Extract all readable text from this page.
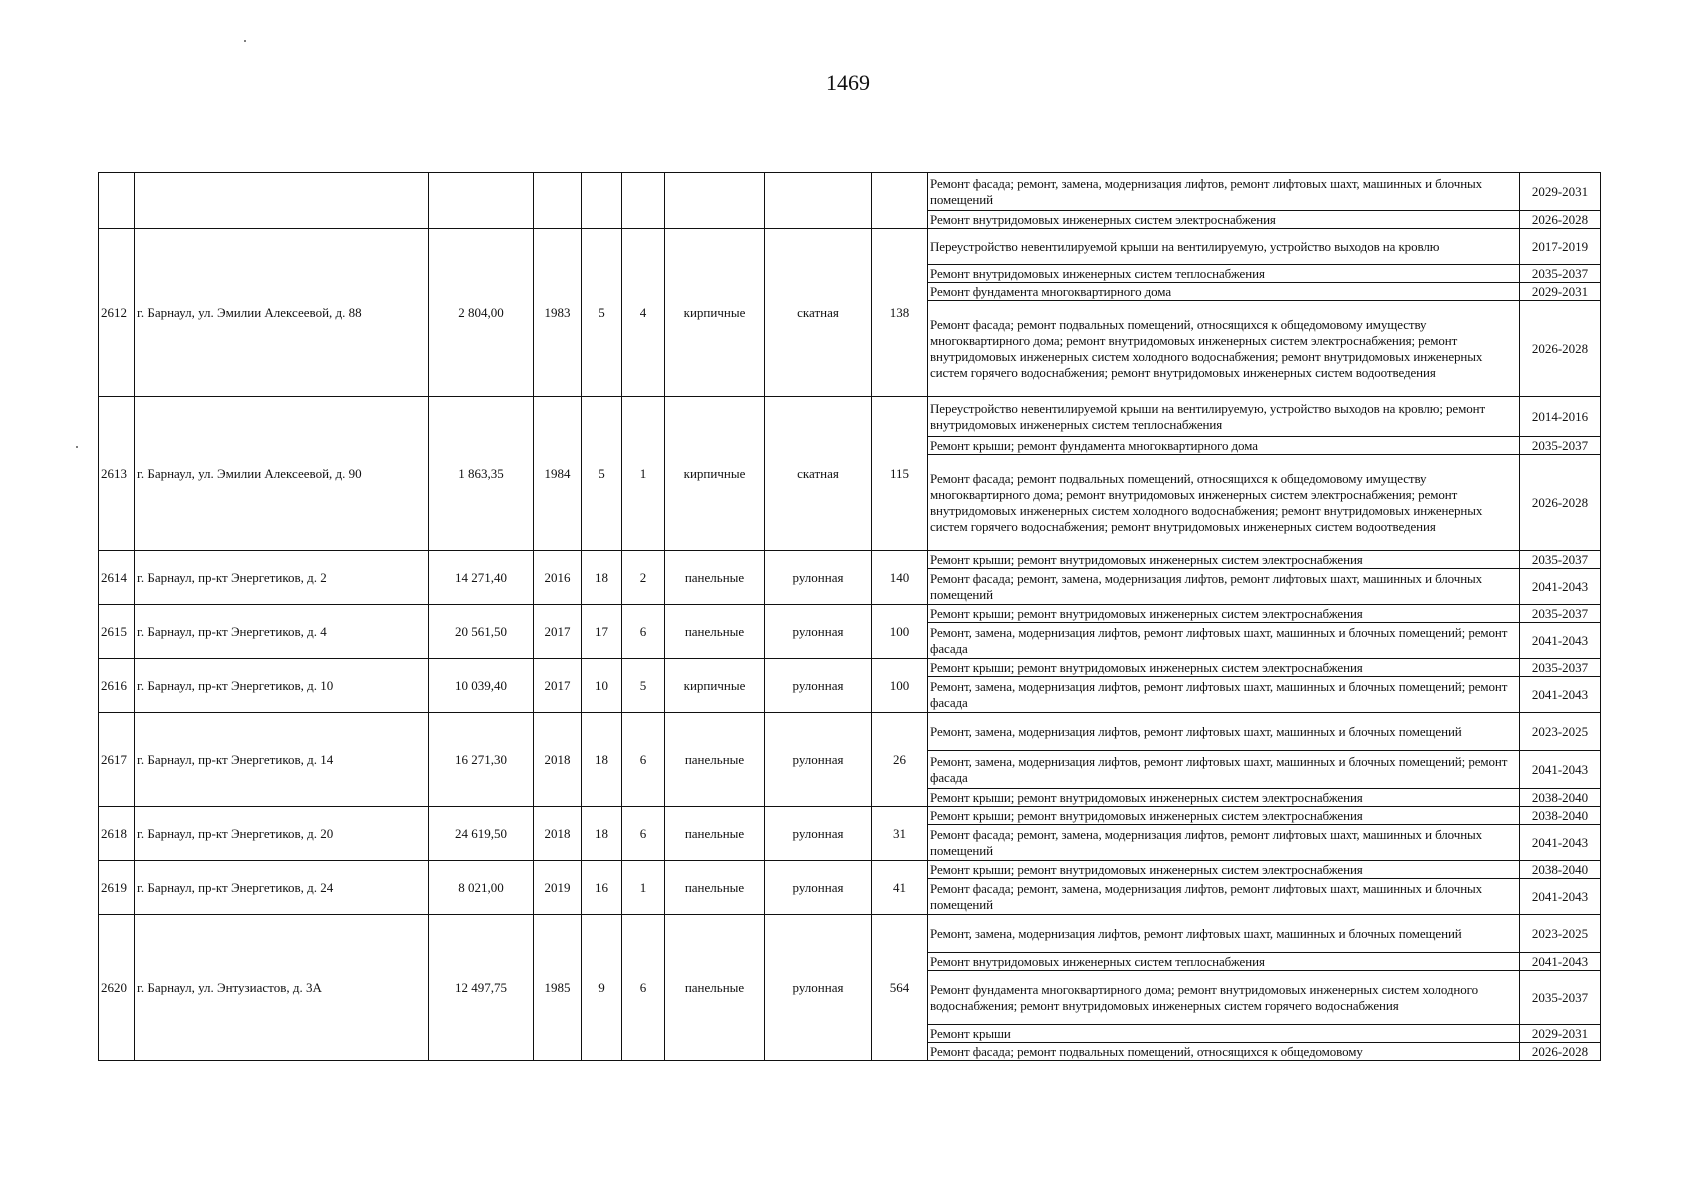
1469
									Ремонт фасада; ремонт, замена, модернизация лифтов, ремонт лифтовых шахт, машинных и блочных помещений	2029-2031
									Ремонт внутридомовых инженерных систем электроснабжения	2026-2028
2612	г. Барнаул, ул. Эмилии Алексеевой, д. 88	2 804,00	1983	5	4	кирпичные	скатная	138	Переустройство невентилируемой крыши на вентилируемую, устройство выходов на кровлю	2017-2019
									Ремонт внутридомовых инженерных систем теплоснабжения	2035-2037
									Ремонт фундамента многоквартирного дома	2029-2031
									Ремонт фасада; ремонт подвальных помещений, относящихся к общедомовому имуществу многоквартирного дома; ремонт внутридомовых инженерных систем электроснабжения; ремонт внутридомовых инженерных систем холодного водоснабжения; ремонт внутридомовых инженерных систем горячего водоснабжения; ремонт внутридомовых инженерных систем водоотведения	2026-2028
2613	г. Барнаул, ул. Эмилии Алексеевой, д. 90	1 863,35	1984	5	1	кирпичные	скатная	115	Переустройство невентилируемой крыши на вентилируемую, устройство выходов на кровлю; ремонт внутридомовых инженерных систем теплоснабжения	2014-2016
									Ремонт крыши; ремонт фундамента многоквартирного дома	2035-2037
									Ремонт фасада; ремонт подвальных помещений, относящихся к общедомовому имуществу многоквартирного дома; ремонт внутридомовых инженерных систем электроснабжения; ремонт внутридомовых инженерных систем холодного водоснабжения; ремонт внутридомовых инженерных систем горячего водоснабжения; ремонт внутридомовых инженерных систем водоотведения	2026-2028
2614	г. Барнаул, пр-кт Энергетиков, д. 2	14 271,40	2016	18	2	панельные	рулонная	140	Ремонт крыши; ремонт внутридомовых инженерных систем электроснабжения	2035-2037
									Ремонт фасада; ремонт, замена, модернизация лифтов, ремонт лифтовых шахт, машинных и блочных помещений	2041-2043
2615	г. Барнаул, пр-кт Энергетиков, д. 4	20 561,50	2017	17	6	панельные	рулонная	100	Ремонт крыши; ремонт внутридомовых инженерных систем электроснабжения	2035-2037
									Ремонт, замена, модернизация лифтов, ремонт лифтовых шахт, машинных и блочных помещений; ремонт фасада	2041-2043
2616	г. Барнаул, пр-кт Энергетиков, д. 10	10 039,40	2017	10	5	кирпичные	рулонная	100	Ремонт крыши; ремонт внутридомовых инженерных систем электроснабжения	2035-2037
									Ремонт, замена, модернизация лифтов, ремонт лифтовых шахт, машинных и блочных помещений; ремонт фасада	2041-2043
2617	г. Барнаул, пр-кт Энергетиков, д. 14	16 271,30	2018	18	6	панельные	рулонная	26	Ремонт, замена, модернизация лифтов, ремонт лифтовых шахт, машинных и блочных помещений	2023-2025
									Ремонт, замена, модернизация лифтов, ремонт лифтовых шахт, машинных и блочных помещений; ремонт фасада	2041-2043
									Ремонт крыши; ремонт внутридомовых инженерных систем электроснабжения	2038-2040
2618	г. Барнаул, пр-кт Энергетиков, д. 20	24 619,50	2018	18	6	панельные	рулонная	31	Ремонт крыши; ремонт внутридомовых инженерных систем электроснабжения	2038-2040
									Ремонт фасада; ремонт, замена, модернизация лифтов, ремонт лифтовых шахт, машинных и блочных помещений	2041-2043
2619	г. Барнаул, пр-кт Энергетиков, д. 24	8 021,00	2019	16	1	панельные	рулонная	41	Ремонт крыши; ремонт внутридомовых инженерных систем электроснабжения	2038-2040
									Ремонт фасада; ремонт, замена, модернизация лифтов, ремонт лифтовых шахт, машинных и блочных помещений	2041-2043
2620	г. Барнаул, ул. Энтузиастов, д. 3А	12 497,75	1985	9	6	панельные	рулонная	564	Ремонт, замена, модернизация лифтов, ремонт лифтовых шахт, машинных и блочных помещений	2023-2025
									Ремонт внутридомовых инженерных систем теплоснабжения	2041-2043
									Ремонт фундамента многоквартирного дома; ремонт внутридомовых инженерных систем холодного водоснабжения; ремонт внутридомовых инженерных систем горячего водоснабжения	2035-2037
									Ремонт крыши	2029-2031
									Ремонт фасада; ремонт подвальных помещений, относящихся к общедомовому	2026-2028
